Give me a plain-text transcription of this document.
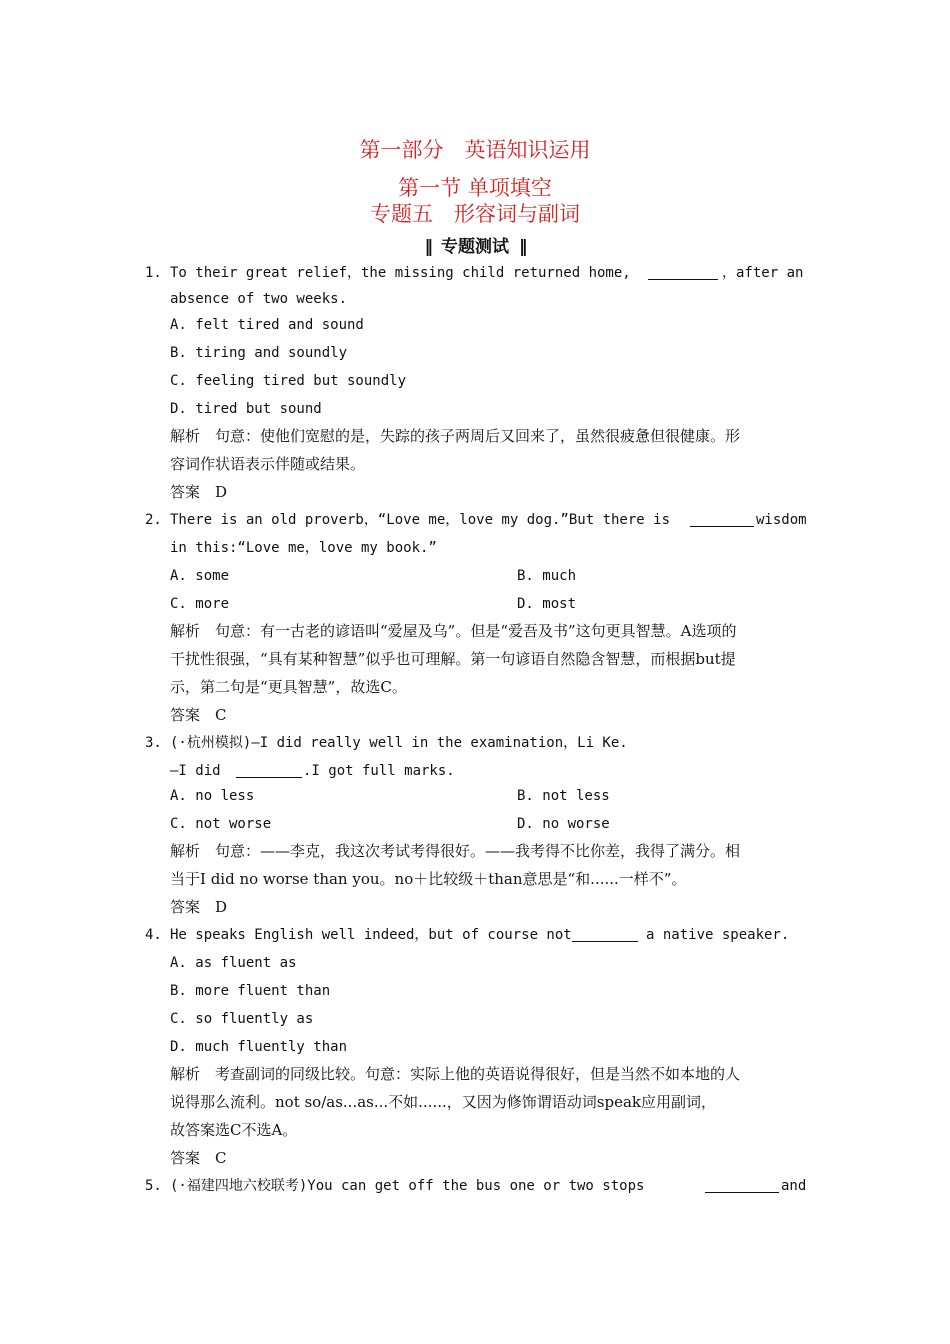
第一部分　英语知识运用
第一节 单项填空
专题五　形容词与副词
‖ 专题测试 ‖
1. To their great relief，the missing child returned home,	，after an
absence of two weeks.
A. felt tired and sound
B. tiring and soundly
C. feeling tired but soundly
D. tired but sound
解析　句意：使他们宽慰的是，失踪的孩子两周后又回来了，虽然很疲惫但很健康。形
容词作状语表示伴随或结果。
答案　D
2. There is an old proverb，“Love me，love my dog.”But there is	wisdom
in this:“Love me，love my book.”
A. some	B. much
C. more	D. most
解析　句意：有一古老的谚语叫“爱屋及乌”。但是“爱吾及书”这句更具智慧。A选项的
干扰性很强，“具有某种智慧”似乎也可理解。第一句谚语自然隐含智慧，而根据but提
示，第二句是“更具智慧”，故选C。
答案　C
3. (·杭州模拟)—I did really well in the examination，Li Ke.
—I did	.I got full marks.
A. no less	B. not less
C. not worse	D. no worse
解析　句意：——李克，我这次考试考得很好。——我考得不比你差，我得了满分。相
当于I did no worse than you。no＋比较级＋than意思是“和......一样不”。
答案　D
4. He speaks English well indeed，but of course not	a native speaker.
A. as fluent as
B. more fluent than
C. so fluently as
D. much fluently than
解析　考查副词的同级比较。句意：实际上他的英语说得很好，但是当然不如本地的人
说得那么流利。not so/as...as...不如......，又因为修饰谓语动词speak应用副词，
故答案选C不选A。
答案　C
5. (·福建四地六校联考)You can get off the bus one or two stops	and
